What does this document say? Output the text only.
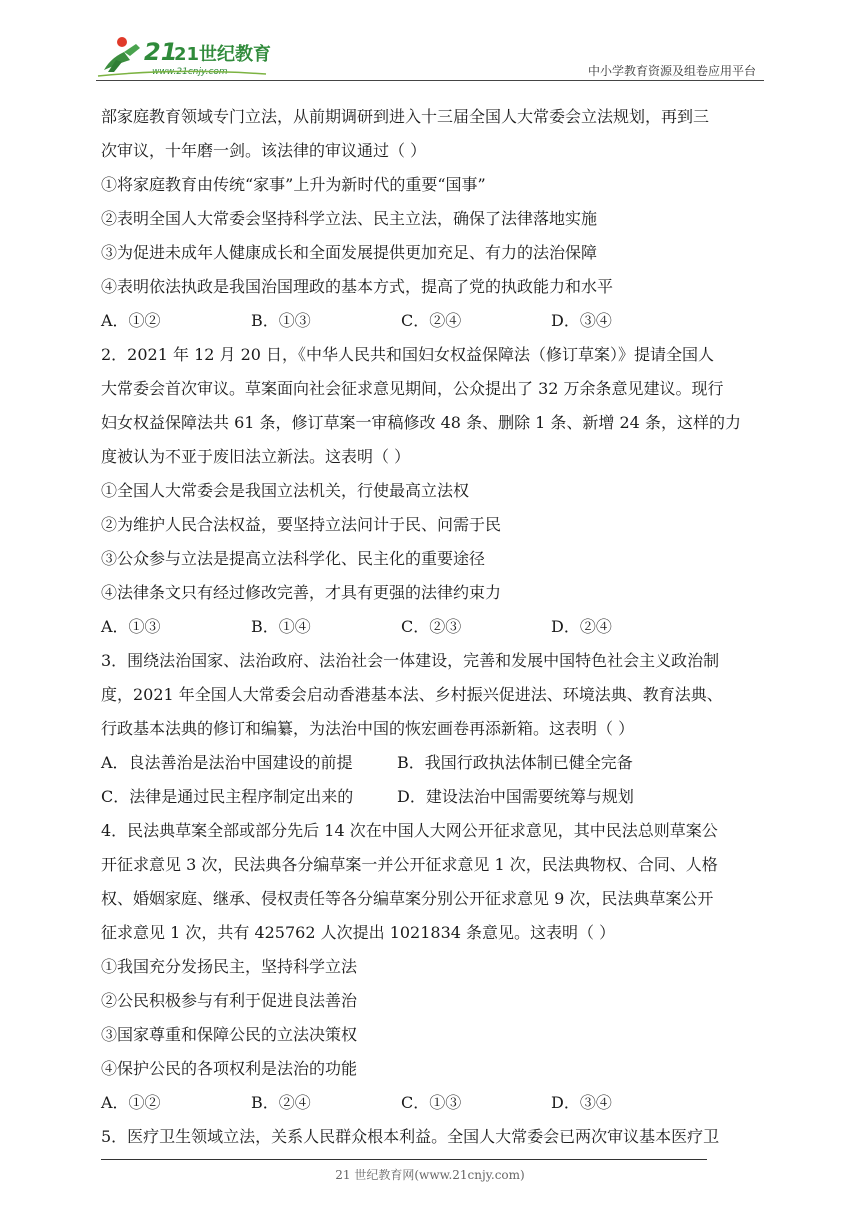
21
21世纪教育
www.21cnjy.com	中小学教育资源及组卷应用平台

部家庭教育领域专门立法，从前期调研到进入十三届全国人大常委会立法规划，再到三

次审议，十年磨一剑。该法律的审议通过（ ）

①将家庭教育由传统“家事”上升为新时代的重要“国事”

②表明全国人大常委会坚持科学立法、民主立法，确保了法律落地实施

③为促进未成年人健康成长和全面发展提供更加充足、有力的法治保障

④表明依法执政是我国治国理政的基本方式，提高了党的执政能力和水平

A．①②	B．①③	C．②④	D．③④

2．2021 年 12 月 20 日，《中华人民共和国妇女权益保障法（修订草案）》提请全国人

大常委会首次审议。草案面向社会征求意见期间，公众提出了 32 万余条意见建议。现行

妇女权益保障法共 61 条，修订草案一审稿修改 48 条、删除 1 条、新增 24 条，这样的力

度被认为不亚于废旧法立新法。这表明（ ）

①全国人大常委会是我国立法机关，行使最高立法权

②为维护人民合法权益，要坚持立法问计于民、问需于民

③公众参与立法是提高立法科学化、民主化的重要途径

④法律条文只有经过修改完善，才具有更强的法律约束力

A．①③	B．①④	C．②③	D．②④

3．围绕法治国家、法治政府、法治社会一体建设，完善和发展中国特色社会主义政治制

度，2021 年全国人大常委会启动香港基本法、乡村振兴促进法、环境法典、教育法典、

行政基本法典的修订和编纂，为法治中国的恢宏画卷再添新箱。这表明（ ）

A．良法善治是法治中国建设的前提	B．我国行政执法体制已健全完备
C．法律是通过民主程序制定出来的	D．建设法治中国需要统筹与规划

4．民法典草案全部或部分先后 14 次在中国人大网公开征求意见，其中民法总则草案公

开征求意见 3 次，民法典各分编草案一并公开征求意见 1 次，民法典物权、合同、人格

权、婚姻家庭、继承、侵权责任等各分编草案分别公开征求意见 9 次，民法典草案公开

征求意见 1 次，共有 425762 人次提出 1021834 条意见。这表明（ ）

①我国充分发扬民主，坚持科学立法

②公民积极参与有利于促进良法善治

③国家尊重和保障公民的立法决策权

④保护公民的各项权利是法治的功能

A．①②	B．②④	C．①③	D．③④

5．医疗卫生领域立法，关系人民群众根本利益。全国人大常委会已两次审议基本医疗卫

21 世纪教育网(www.21cnjy.com)
